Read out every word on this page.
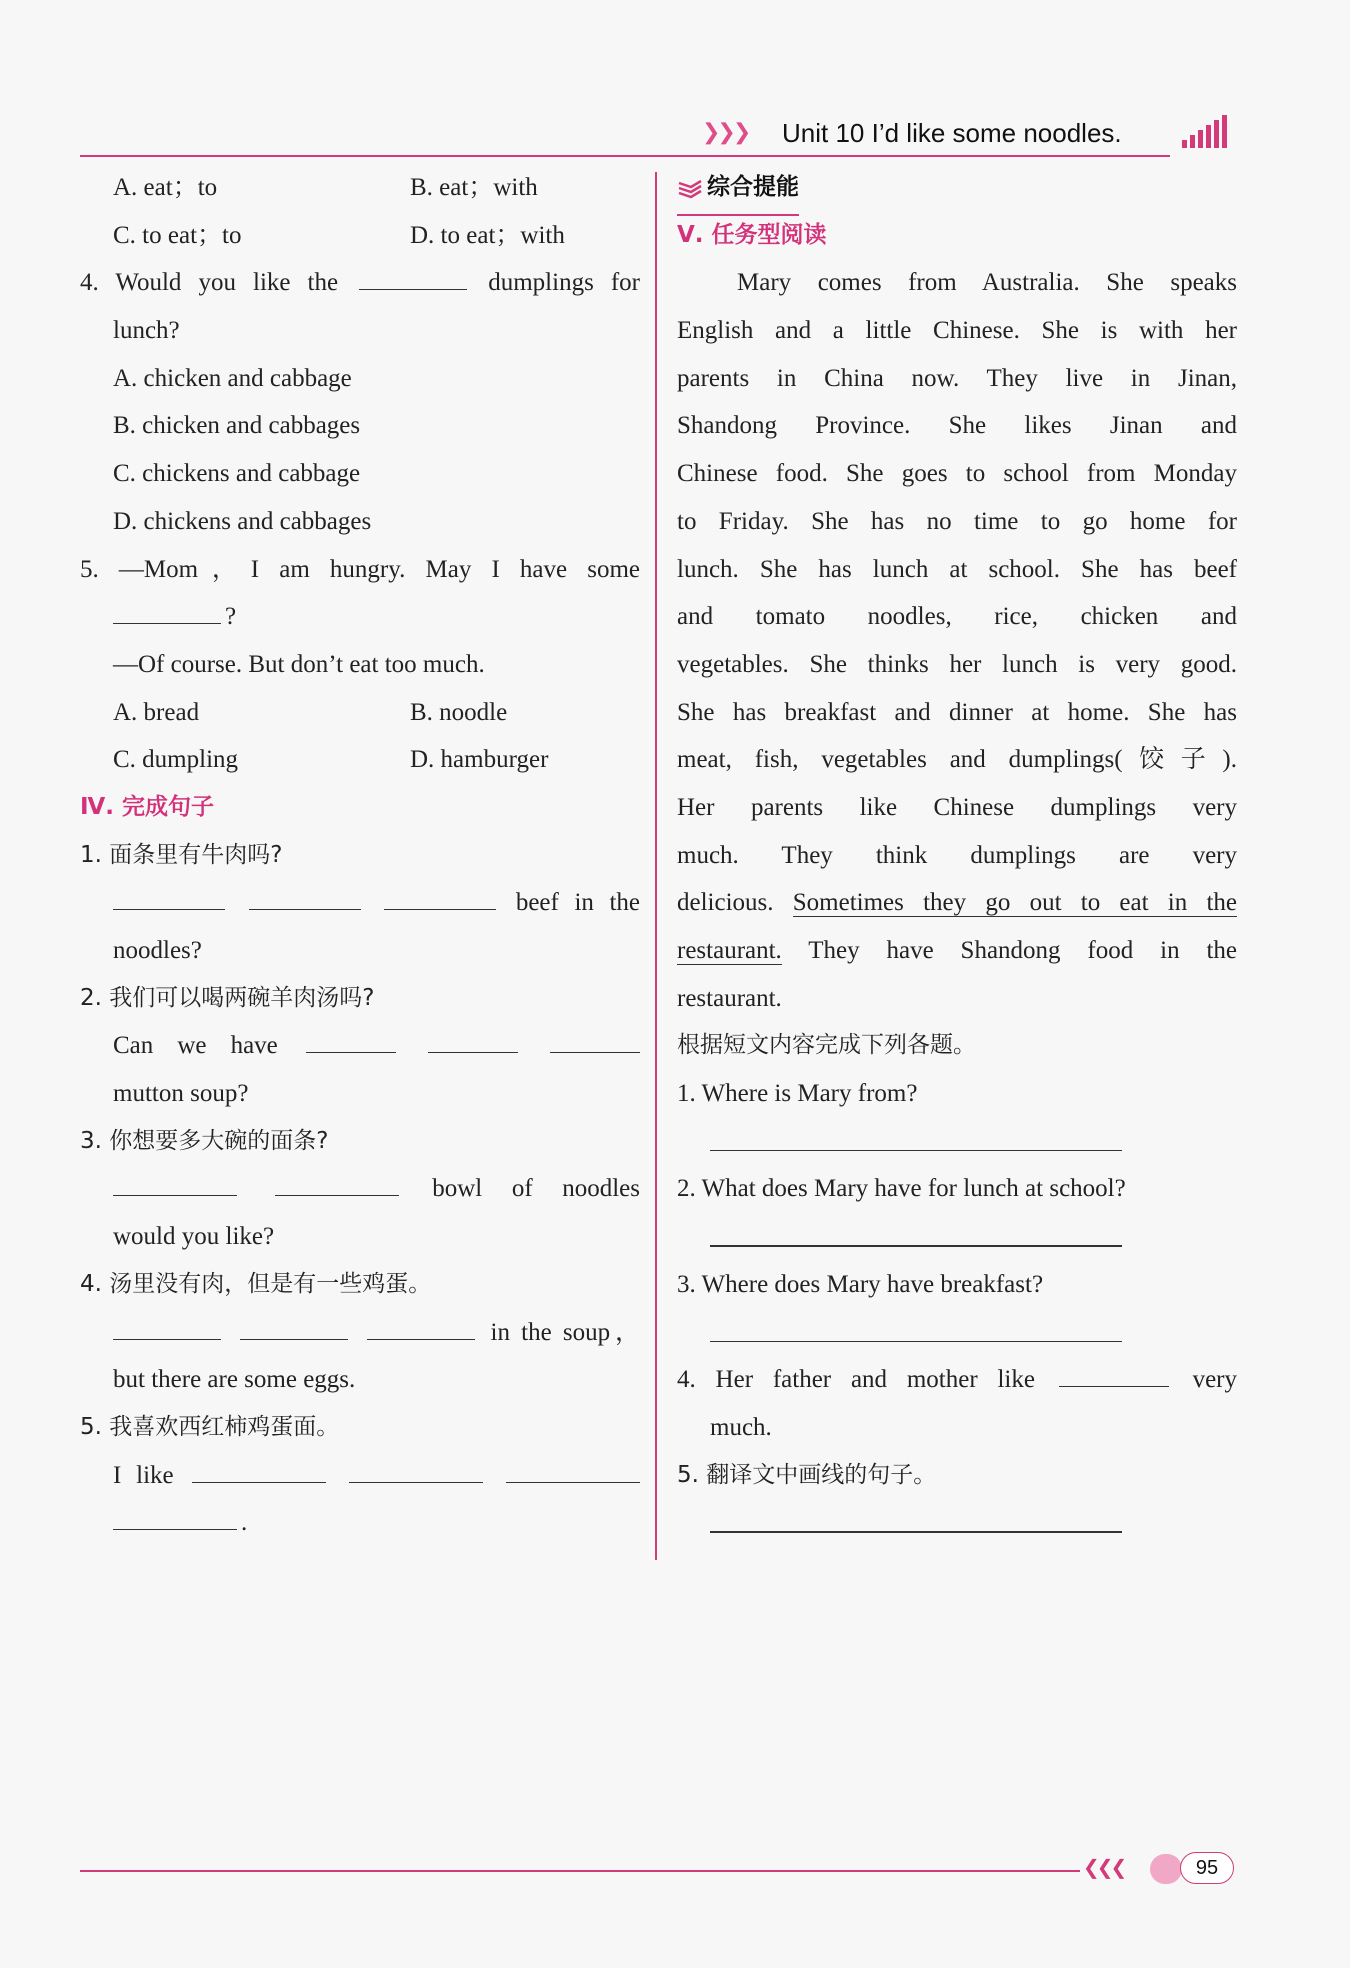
❯❯❯ Unit 10 I’d like some noodles.
A. eat；to	B. eat；with
C. to eat；to	D. to eat；with
4. Would you like the	dumplings for
lunch?
A. chicken and cabbage
B. chicken and cabbages
C. chickens and cabbage
D. chickens and cabbages
5. —Mom，I am hungry. May I have some
?
—Of course. But don’t eat too much.
A. bread	B. noodle
C. dumpling	D. hamburger
Ⅳ. 完成句子
1. 面条里有牛肉吗?
beef in the
noodles?
2. 我们可以喝两碗羊肉汤吗?
Can we have
mutton soup?
3. 你想要多大碗的面条?
bowl of noodles
would you like?
4. 汤里没有肉，但是有一些鸡蛋。
in the soup，
but there are some eggs.
5. 我喜欢西红柿鸡蛋面。
I like
.
综合提能
Ⅴ. 任务型阅读
Mary comes from Australia. She speaks
English and a little Chinese. She is with her
parents in China now. They live in Jinan,
Shandong Province. She likes Jinan and
Chinese food. She goes to school from Monday
to Friday. She has no time to go home for
lunch. She has lunch at school. She has beef
and tomato noodles, rice, chicken and
vegetables. She thinks her lunch is very good.
She has breakfast and dinner at home. She has
meat, fish, vegetables and dumplings(饺子).
Her parents like Chinese dumplings very
much. They think dumplings are very
delicious. Sometimes they go out to eat in the
restaurant. They have Shandong food in the
restaurant.
根据短文内容完成下列各题。
1. Where is Mary from?
2. What does Mary have for lunch at school?
3. Where does Mary have breakfast?
4. Her father and mother like	very
much.
5. 翻译文中画线的句子。
❮❮❮	95
